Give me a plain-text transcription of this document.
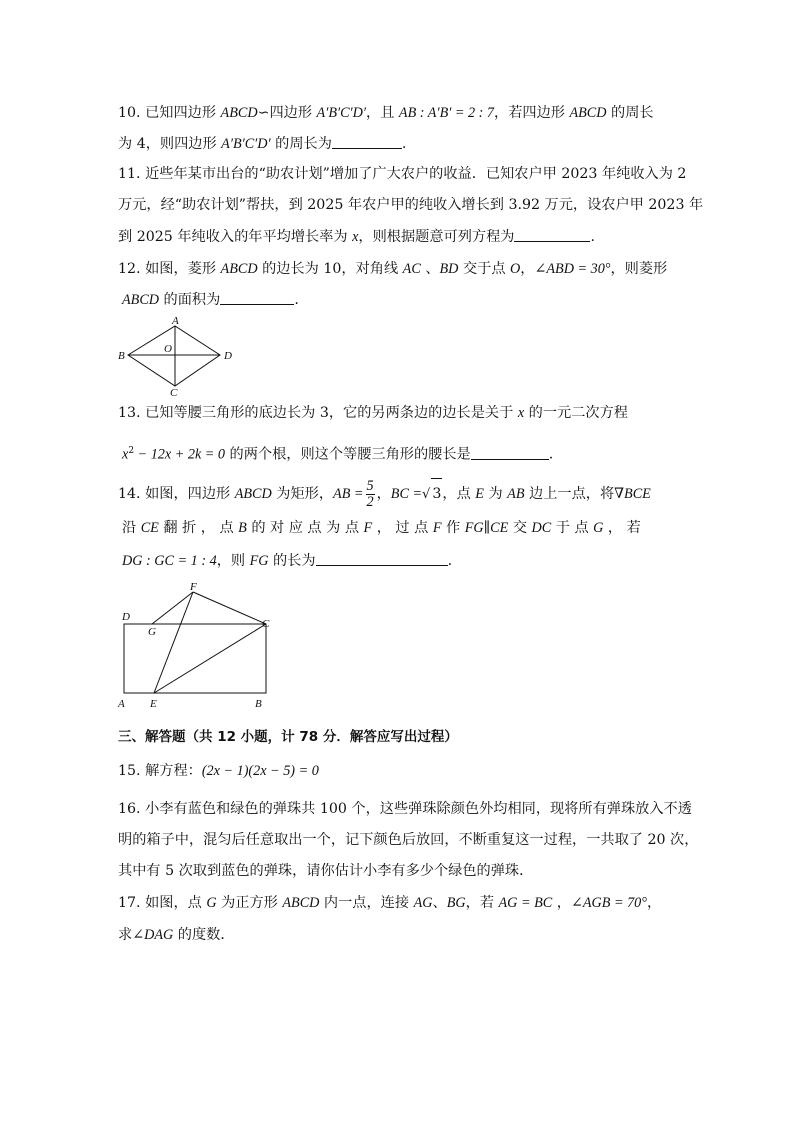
10. 已知四边形 ABCD∽四边形 A′B′C′D′，且 AB : A′B′ = 2 : 7，若四边形 ABCD 的周长
为 4，则四边形 A′B′C′D′ 的周长为	.
11. 近些年某市出台的“助农计划”增加了广大农户的收益．已知农户甲 2023 年纯收入为 2
万元，经“助农计划”帮扶，到 2025 年农户甲的纯收入增长到 3.92 万元，设农户甲 2023 年
到 2025 年纯收入的年平均增长率为 x，则根据题意可列方程为	.
12. 如图，菱形 ABCD 的边长为 10，对角线 AC 、BD 交于点 O，∠ABD = 30°，则菱形
ABCD 的面积为	.
A
B	D
C
O
13. 已知等腰三角形的底边长为 3，它的另两条边的边长是关于 x 的一元二次方程
$x^2 - 12x + 2k = 0$ 的两个根，则这个等腰三角形的腰长是	.
14. 如图，四边形 ABCD 为矩形，AB = $\frac{5}{2}$ ，BC =√ 3，点 E 为 AB 边上一点，将∇BCE
沿 CE 翻 折 ， 点 B 的 对 应 点 为 点 F ， 过 点 F 作 FG∥CE 交 DC 于 点 G ， 若
DG : GC = 1 : 4，则 FG 的长为	.
D
G
F
C
A E	B
三、解答题（共 12 小题，计 78 分．解答应写出过程）
15. 解方程：(2x − 1)(2x − 5) = 0
16. 小李有蓝色和绿色的弹珠共 100 个，这些弹珠除颜色外均相同，现将所有弹珠放入不透
明的箱子中，混匀后任意取出一个，记下颜色后放回，不断重复这一过程，一共取了 20 次，
其中有 5 次取到蓝色的弹珠，请你估计小李有多少个绿色的弹珠．
17. 如图，点 G 为正方形 ABCD 内一点，连接 AG、BG，若 AG = BC ，∠AGB = 70°，
求∠DAG 的度数．
